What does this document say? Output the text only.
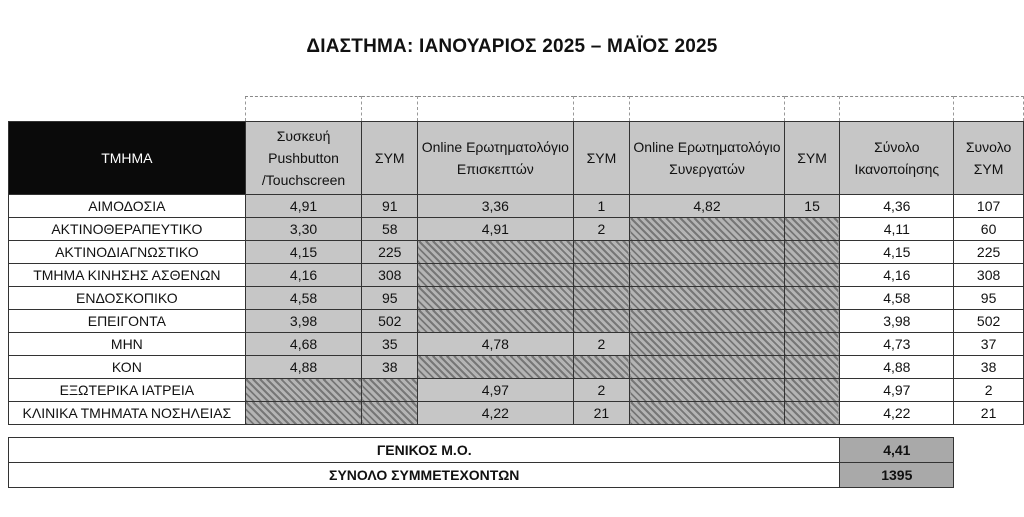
ΔΙΑΣΤΗΜΑ: ΙΑΝΟΥΑΡΙΟΣ 2025 – ΜΑΪΟΣ 2025

ΤΜΗΜΑ	Συσκευή Pushbutton /Touchscreen	ΣΥΜ	Online Ερωτηματολόγιο Επισκεπτών	ΣΥΜ	Online Ερωτηματολόγιο Συνεργατών	ΣΥΜ	Σύνολο Ικανοποίησης	Συνολο ΣΥΜ
ΑΙΜΟΔΟΣΙΑ	4,91	91	3,36	1	4,82	15	4,36	107
ΑΚΤΙΝΟΘΕΡΑΠΕΥΤΙΚΟ	3,30	58	4,91	2			4,11	60
ΑΚΤΙΝΟΔΙΑΓΝΩΣΤΙΚΟ	4,15	225					4,15	225
ΤΜΗΜΑ ΚΙΝΗΣΗΣ ΑΣΘΕΝΩΝ	4,16	308					4,16	308
ΕΝΔΟΣΚΟΠΙΚΟ	4,58	95					4,58	95
ΕΠΕΙΓΟΝΤΑ	3,98	502					3,98	502
ΜΗΝ	4,68	35	4,78	2			4,73	37
ΚΟΝ	4,88	38					4,88	38
ΕΞΩΤΕΡΙΚΑ ΙΑΤΡΕΙΑ			4,97	2			4,97	2
ΚΛΙΝΙΚΑ ΤΜΗΜΑΤΑ ΝΟΣΗΛΕΙΑΣ			4,22	21			4,22	21

ΓΕΝΙΚΟΣ Μ.Ο.							4,41	
ΣΥΝΟΛΟ ΣΥΜΜΕΤΕΧΟΝΤΩΝ							1395	
